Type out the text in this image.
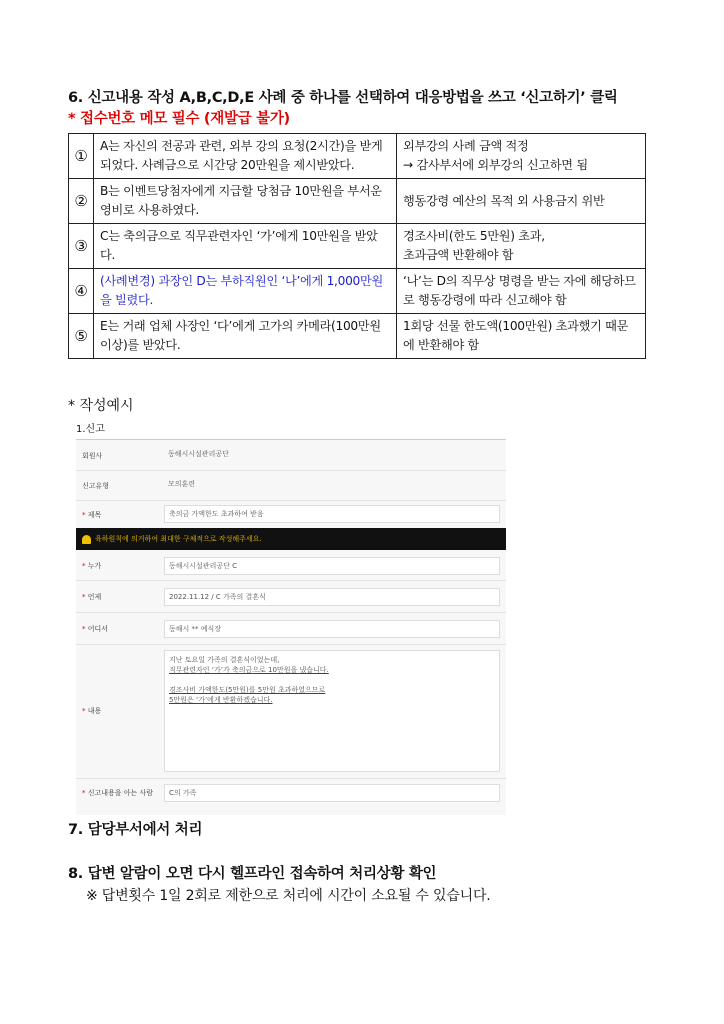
6. 신고내용 작성 A,B,C,D,E 사례 중 하나를 선택하여 대응방법을 쓰고 ‘신고하기’ 클릭
* 접수번호 메모 필수 (재발급 불가)
①	A는 자신의 전공과 관련, 외부 강의 요청(2시간)을 받게 되었다. 사례금으로 시간당 20만원을 제시받았다.	외부강의 사례 금액 적정
→ 감사부서에 외부강의 신고하면 됨
②	B는 이벤트당첨자에게 지급할 당첨금 10만원을 부서운영비로 사용하였다.	행동강령 예산의 목적 외 사용금지 위반
③	C는 축의금으로 직무관련자인 ‘가’에게 10만원을 받았다.	경조사비(한도 5만원) 초과,
초과금액 반환해야 함
④	(사례변경) 과장인 D는 부하직원인 ‘나’에게 1,000만원을 빌렸다.	‘나’는 D의 직무상 명령을 받는 자에 해당하므로 행동강령에 따라 신고해야 함
⑤	E는 거래 업체 사장인 ‘다’에게 고가의 카메라(100만원 이상)를 받았다.	1회당 선물 한도액(100만원) 초과했기 때문에 반환해야 함
* 작성예시
1.신고
회원사	동해시시설관리공단
신고유형	모의훈련
* 제목	축의금 가액한도 초과하여 받음
육하원칙에 의거하여 최대한 구체적으로 작성해주세요.
* 누가	동해시시설관리공단 C
* 언제	2022.11.12 / C 가족의 결혼식
* 어디서	동해시 ** 예식장
* 내용
지난 토요일 가족의 결혼식이었는데,
직무관련자인 ‘가’가 축의금으로 10만원을 냈습니다.
경조사비 가액한도(5만원)를 5만원 초과하였으므로
5만원은 ‘가’에게 반환하겠습니다.
* 신고내용을 아는 사람	C의 가족
7. 담당부서에서 처리
8. 답변 알람이 오면 다시 헬프라인 접속하여 처리상황 확인
※ 답변횟수 1일 2회로 제한으로 처리에 시간이 소요될 수 있습니다.
